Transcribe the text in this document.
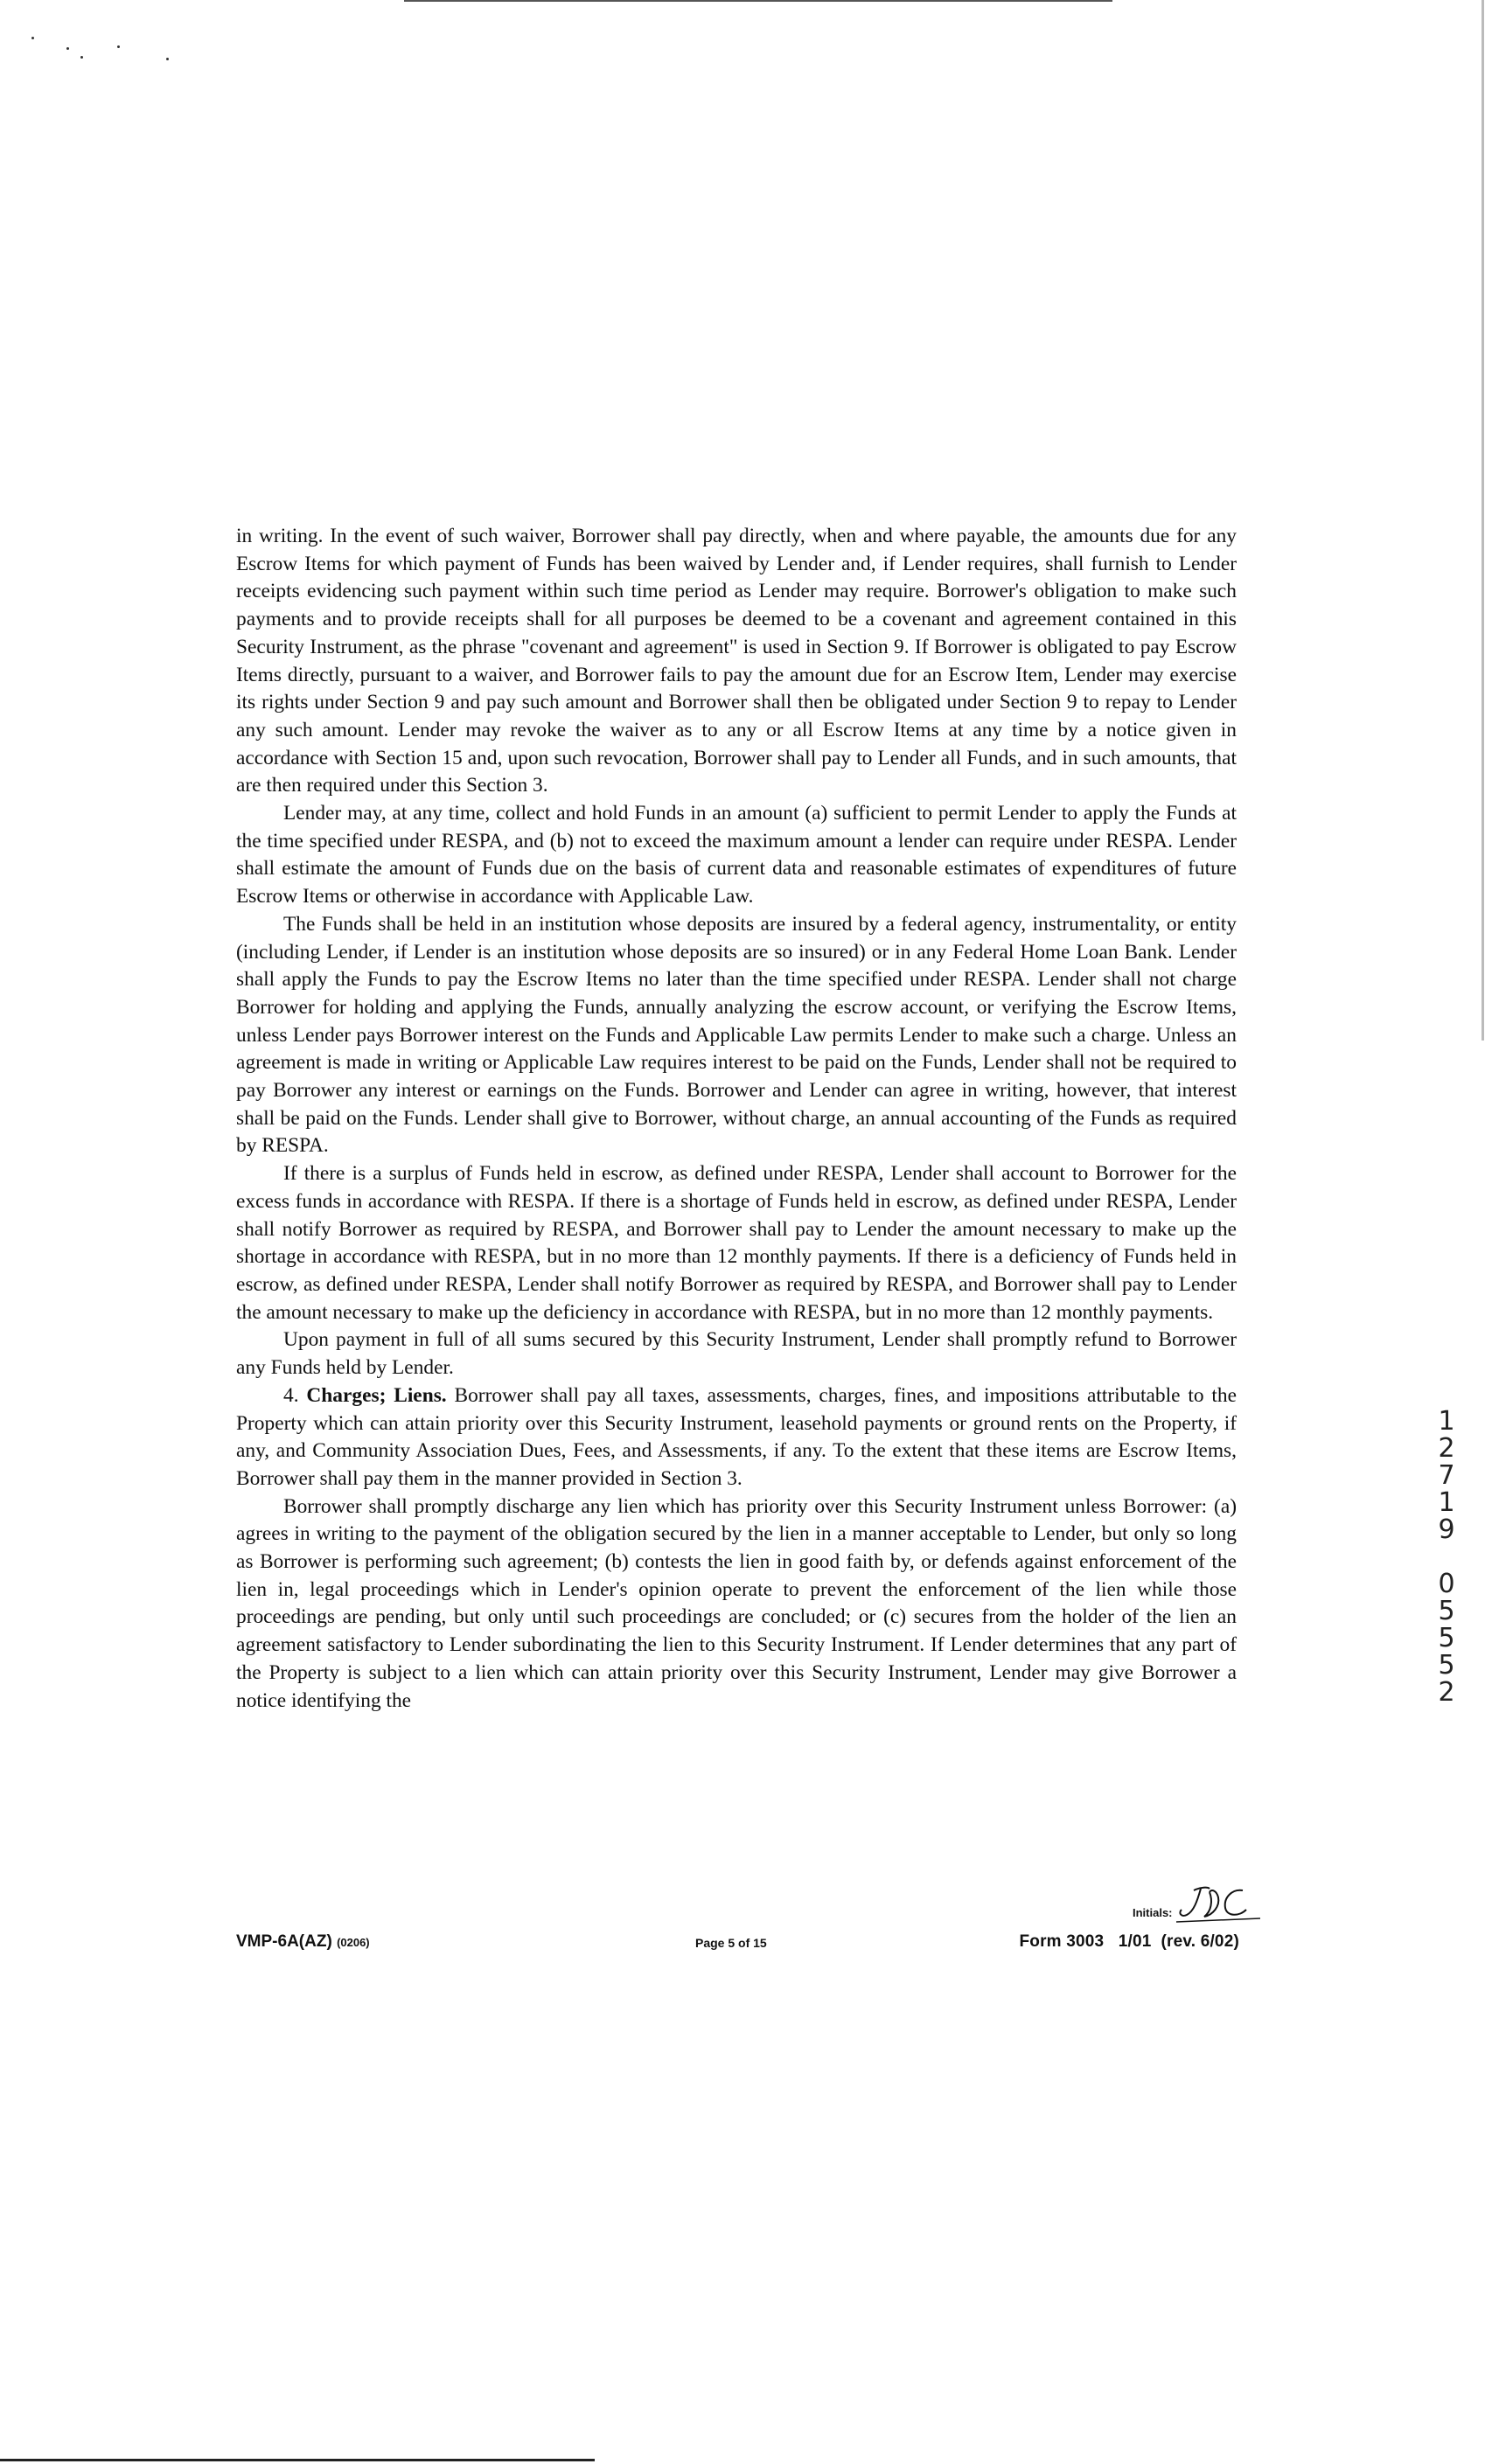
in writing. In the event of such waiver, Borrower shall pay directly, when and where payable, the amounts due for any Escrow Items for which payment of Funds has been waived by Lender and, if Lender requires, shall furnish to Lender receipts evidencing such payment within such time period as Lender may require. Borrower's obligation to make such payments and to provide receipts shall for all purposes be deemed to be a covenant and agreement contained in this Security Instrument, as the phrase "covenant and agreement" is used in Section 9. If Borrower is obligated to pay Escrow Items directly, pursuant to a waiver, and Borrower fails to pay the amount due for an Escrow Item, Lender may exercise its rights under Section 9 and pay such amount and Borrower shall then be obligated under Section 9 to repay to Lender any such amount. Lender may revoke the waiver as to any or all Escrow Items at any time by a notice given in accordance with Section 15 and, upon such revocation, Borrower shall pay to Lender all Funds, and in such amounts, that are then required under this Section 3.

Lender may, at any time, collect and hold Funds in an amount (a) sufficient to permit Lender to apply the Funds at the time specified under RESPA, and (b) not to exceed the maximum amount a lender can require under RESPA. Lender shall estimate the amount of Funds due on the basis of current data and reasonable estimates of expenditures of future Escrow Items or otherwise in accordance with Applicable Law.

The Funds shall be held in an institution whose deposits are insured by a federal agency, instrumentality, or entity (including Lender, if Lender is an institution whose deposits are so insured) or in any Federal Home Loan Bank. Lender shall apply the Funds to pay the Escrow Items no later than the time specified under RESPA. Lender shall not charge Borrower for holding and applying the Funds, annually analyzing the escrow account, or verifying the Escrow Items, unless Lender pays Borrower interest on the Funds and Applicable Law permits Lender to make such a charge. Unless an agreement is made in writing or Applicable Law requires interest to be paid on the Funds, Lender shall not be required to pay Borrower any interest or earnings on the Funds. Borrower and Lender can agree in writing, however, that interest shall be paid on the Funds. Lender shall give to Borrower, without charge, an annual accounting of the Funds as required by RESPA.

If there is a surplus of Funds held in escrow, as defined under RESPA, Lender shall account to Borrower for the excess funds in accordance with RESPA. If there is a shortage of Funds held in escrow, as defined under RESPA, Lender shall notify Borrower as required by RESPA, and Borrower shall pay to Lender the amount necessary to make up the shortage in accordance with RESPA, but in no more than 12 monthly payments. If there is a deficiency of Funds held in escrow, as defined under RESPA, Lender shall notify Borrower as required by RESPA, and Borrower shall pay to Lender the amount necessary to make up the deficiency in accordance with RESPA, but in no more than 12 monthly payments.

Upon payment in full of all sums secured by this Security Instrument, Lender shall promptly refund to Borrower any Funds held by Lender.

4. Charges; Liens. Borrower shall pay all taxes, assessments, charges, fines, and impositions attributable to the Property which can attain priority over this Security Instrument, leasehold payments or ground rents on the Property, if any, and Community Association Dues, Fees, and Assessments, if any. To the extent that these items are Escrow Items, Borrower shall pay them in the manner provided in Section 3.

Borrower shall promptly discharge any lien which has priority over this Security Instrument unless Borrower: (a) agrees in writing to the payment of the obligation secured by the lien in a manner acceptable to Lender, but only so long as Borrower is performing such agreement; (b) contests the lien in good faith by, or defends against enforcement of the lien in, legal proceedings which in Lender's opinion operate to prevent the enforcement of the lien while those proceedings are pending, but only until such proceedings are concluded; or (c) secures from the holder of the lien an agreement satisfactory to Lender subordinating the lien to this Security Instrument. If Lender determines that any part of the Property is subject to a lien which can attain priority over this Security Instrument, Lender may give Borrower a notice identifying the

1
2
7
1
9
0
5
5
5
2
VMP-6A(AZ) (0206)	Page 5 of 15	Form 3003   1/01  (rev. 6/02)
Initials:
